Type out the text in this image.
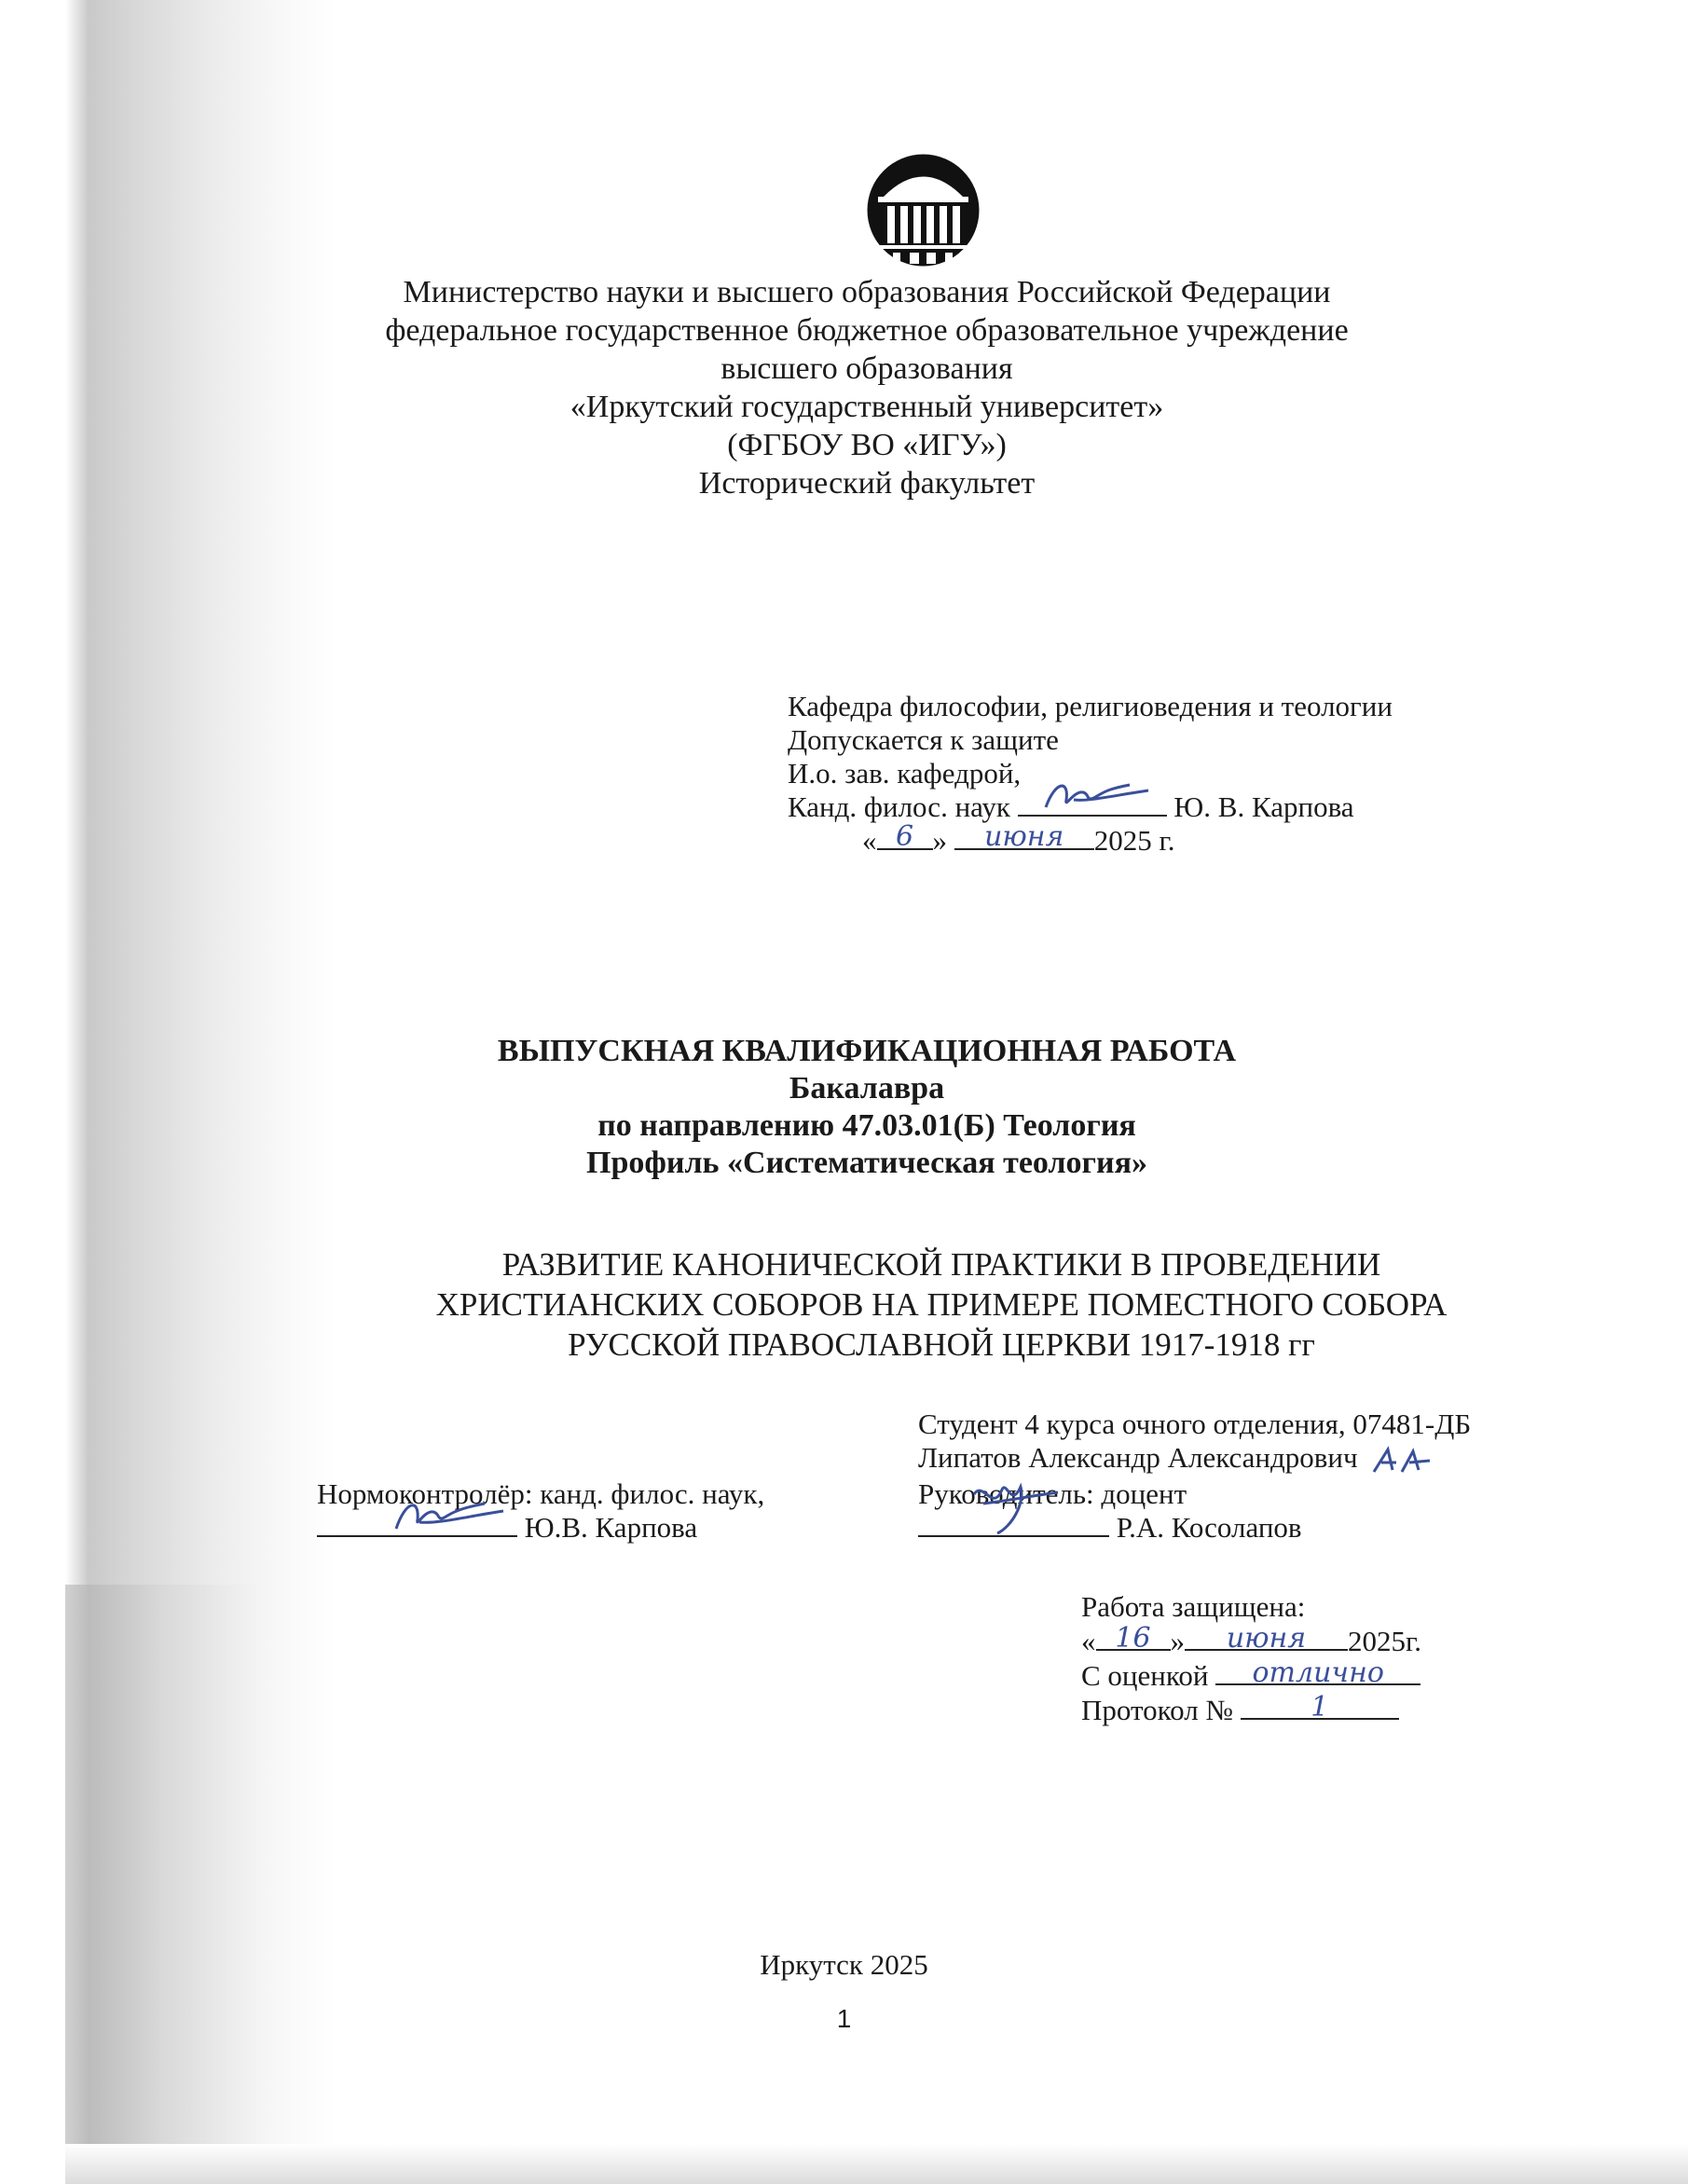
Министерство науки и высшего образования Российской Федерации
федеральное государственное бюджетное образовательное учреждение
высшего образования
«Иркутский государственный университет»
(ФГБОУ ВО «ИГУ»)
Исторический факультет
Кафедра философии, религиоведения и теологии
Допускается к защите
И.о. зав. кафедрой,
Канд. филос. наук	Ю. В. Карпова
« 6 »	июня	2025 г.
ВЫПУСКНАЯ КВАЛИФИКАЦИОННАЯ РАБОТА
Бакалавра
по направлению 47.03.01(Б) Теология
Профиль «Систематическая теология»
РАЗВИТИЕ КАНОНИЧЕСКОЙ ПРАКТИКИ В ПРОВЕДЕНИИ
ХРИСТИАНСКИХ СОБОРОВ НА ПРИМЕРЕ ПОМЕСТНОГО СОБОРА
РУССКОЙ ПРАВОСЛАВНОЙ ЦЕРКВИ 1917-1918 гг
Студент 4 курса очного отделения, 07481-ДБ
Липатов Александр Александрович
Руководитель: доцент
Р.А. Косолапов
Нормоконтролёр: канд. филос. наук,
Ю.В. Карпова
Работа защищена:
« 16 »	июня	2025г.
С оценкой	отлично
Протокол №	1
Иркутск 2025
1
